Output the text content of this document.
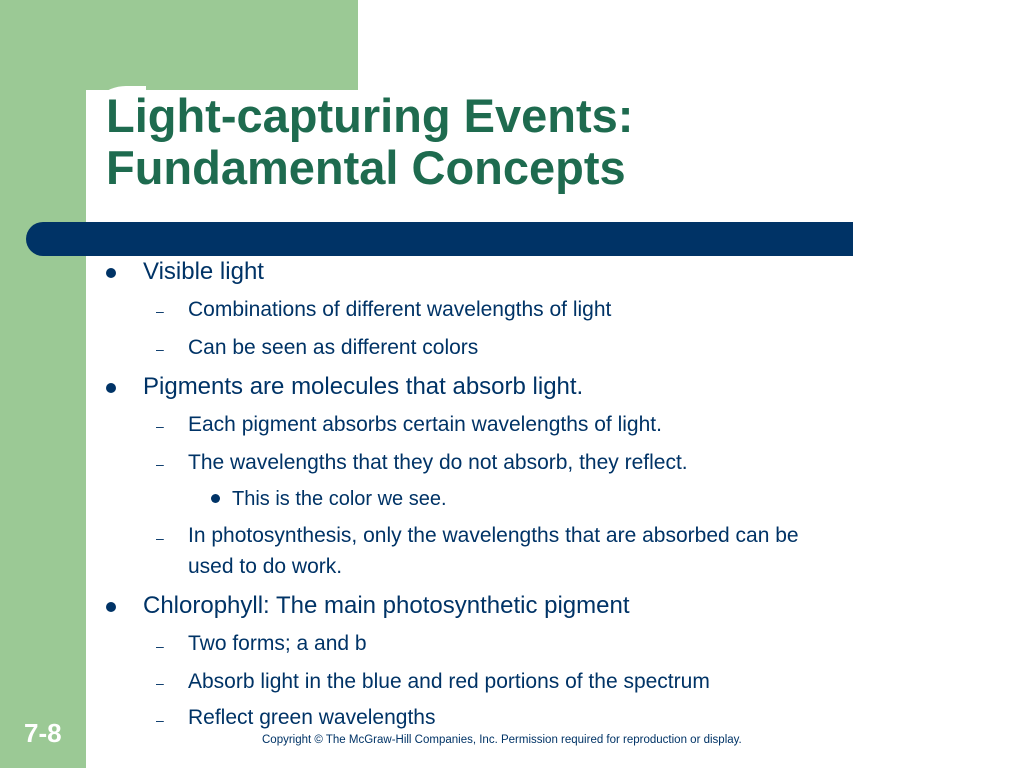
Light-capturing Events:
Fundamental Concepts
Visible light
– Combinations of different wavelengths of light
– Can be seen as different colors
Pigments are molecules that absorb light.
– Each pigment absorbs certain wavelengths of light.
– The wavelengths that they do not absorb, they reflect.
This is the color we see.
– In photosynthesis, only the wavelengths that are absorbed can be
used to do work.
Chlorophyll: The main photosynthetic pigment
– Two forms; a and b
– Absorb light in the blue and red portions of the spectrum
– Reflect green wavelengths
7-8	Copyright © The McGraw-Hill Companies, Inc. Permission required for reproduction or display.
